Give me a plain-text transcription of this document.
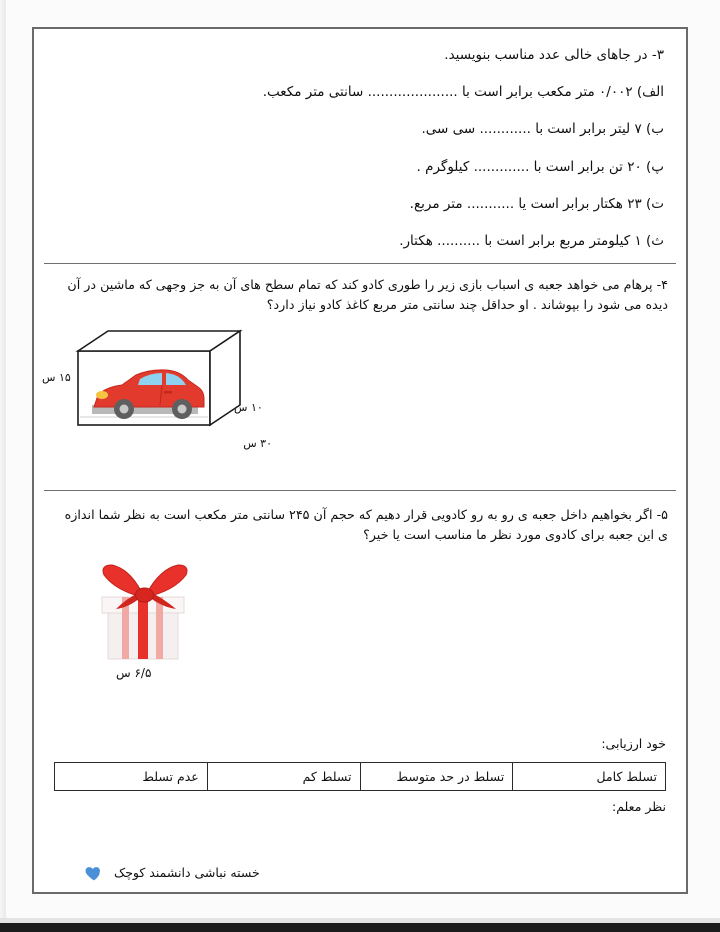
۳- در جاهای خالی عدد مناسب بنویسید.
الف) ۰/۰۰۲ متر مکعب برابر است با ..................... سانتی متر مکعب.
ب) ۷ لیتر برابر است با ............ سی سی.
پ) ۲۰ تن برابر است با ............. کیلوگرم .
ت) ۲۳ هکتار برابر است یا ........... متر مربع.
ث) ۱ کیلومتر مربع برابر است با .......... هکتار.
۴- پرهام می خواهد جعبه ی اسباب بازی زیر را طوری کادو کند که تمام سطح های آن به جز وجهی که ماشین در آن دیده می شود را بپوشاند . او حداقل چند سانتی متر مربع کاغذ کادو نیاز دارد؟
۳۰ س
۱۵ س
۱۰ س
۵- اگر بخواهیم داخل جعبه ی رو به رو کادویی قرار دهیم که حجم آن ۲۴۵ سانتی متر مکعب است به نظر شما اندازه ی این جعبه برای کادوی مورد نظر ما مناسب است یا خیر؟
۶/۵ س
خود ارزیابی:
تسلط کامل	تسلط در حد متوسط	تسلط کم	عدم تسلط
نظر معلم:
خسته نباشی دانشمند کوچک
